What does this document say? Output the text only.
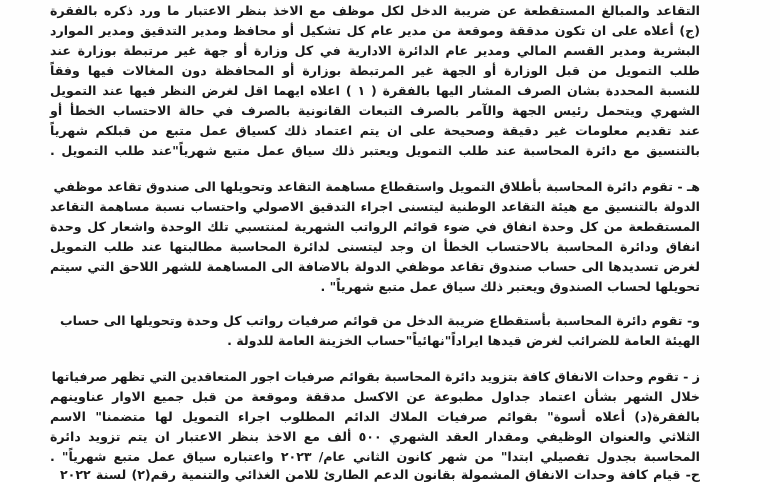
التقاعد والمبالغ المستقطعة عن ضريبة الدخل لكل موظف مع الاخذ بنظر الاعتبار ما ورد ذكره بالفقرة
(ج) أعلاه على ان تكون مدققة وموقعة من مدير عام كل تشكيل أو محافظ ومدير التدقيق ومدير الموارد
البشرية ومدير القسم المالي ومدير عام الدائرة الادارية في كل وزارة أو جهة غير مرتبطة بوزارة عند
طلب التمويل من قبل الوزارة أو الجهة غير المرتبطة بوزارة أو المحافظة دون المغالات فيها وفقاً
للنسبة المحددة بشان الصرف المشار اليها بالفقرة ( ١ ) اعلاه ايهما اقل لغرض النظر فيها عند التمويل
الشهري ويتحمل رئيس الجهة والآمر بالصرف التبعات القانونية بالصرف في حالة الاحتساب الخطأ أو
عند تقديم معلومات غير دقيقة وصحيحة على ان يتم اعتماد ذلك كسياق عمل متبع من قبلكم شهرياً
بالتنسيق مع دائرة المحاسبة عند طلب التمويل ويعتبر ذلك سياق عمل متبع شهرياً"عند طلب التمويل .
هـ - تقوم دائرة المحاسبة بأطلاق التمويل واستقطاع مساهمة التقاعد وتحويلها الى صندوق تقاعد موظفي
الدولة بالتنسيق مع هيئة التقاعد الوطنية ليتسنى اجراء التدقيق الاصولي واحتساب نسبة مساهمة التقاعد
المستقطعة من كل وحدة انفاق في ضوء قوائم الرواتب الشهرية لمنتسبي تلك الوحدة واشعار كل وحدة
انفاق ودائرة المحاسبة بالاحتساب الخطأ ان وجد ليتسنى لدائرة المحاسبة مطالبتها عند طلب التمويل
لغرض تسديدها الى حساب صندوق تقاعد موظفي الدولة بالاضافة الى المساهمة للشهر اللاحق التي سيتم
تحويلها لحساب الصندوق ويعتبر ذلك سياق عمل متبع شهرياً" .
و- تقوم دائرة المحاسبة بأستقطاع ضريبة الدخل من قوائم صرفيات رواتب كل وحدة وتحويلها الى حساب
الهيئة العامة للضرائب لغرض قيدها ايراداً"نهائياً"حساب الخزينة العامة للدولة .
ز - تقوم وحدات الانفاق كافة بتزويد دائرة المحاسبة بقوائم صرفيات اجور المتعاقدين التي تظهر صرفياتها
خلال الشهر بشأن اعتماد جداول مطبوعة عن الاكسل مدققة وموقعة من قبل جميع الاوار عناوينهم
بالفقرة(د) أعلاه أسوة" بقوائم صرفيات الملاك الدائم المطلوب اجراء التمويل لها متضمنا" الاسم
الثلاثي والعنوان الوظيفي ومقدار العقد الشهري ٥٠٠ ألف مع الاخذ بنظر الاعتبار ان يتم تزويد دائرة
المحاسبة بجدول تفصيلي ابتدا" من شهر كانون الثاني عام/ ٢٠٢٣ واعتباره سياق عمل متبع شهرياً" .
ح- قيام كافة وحدات الانفاق المشمولة بقانون الدعم الطارئ للامن الغذائي والتنمية رقم(٢) لسنة ٢٠٢٢
